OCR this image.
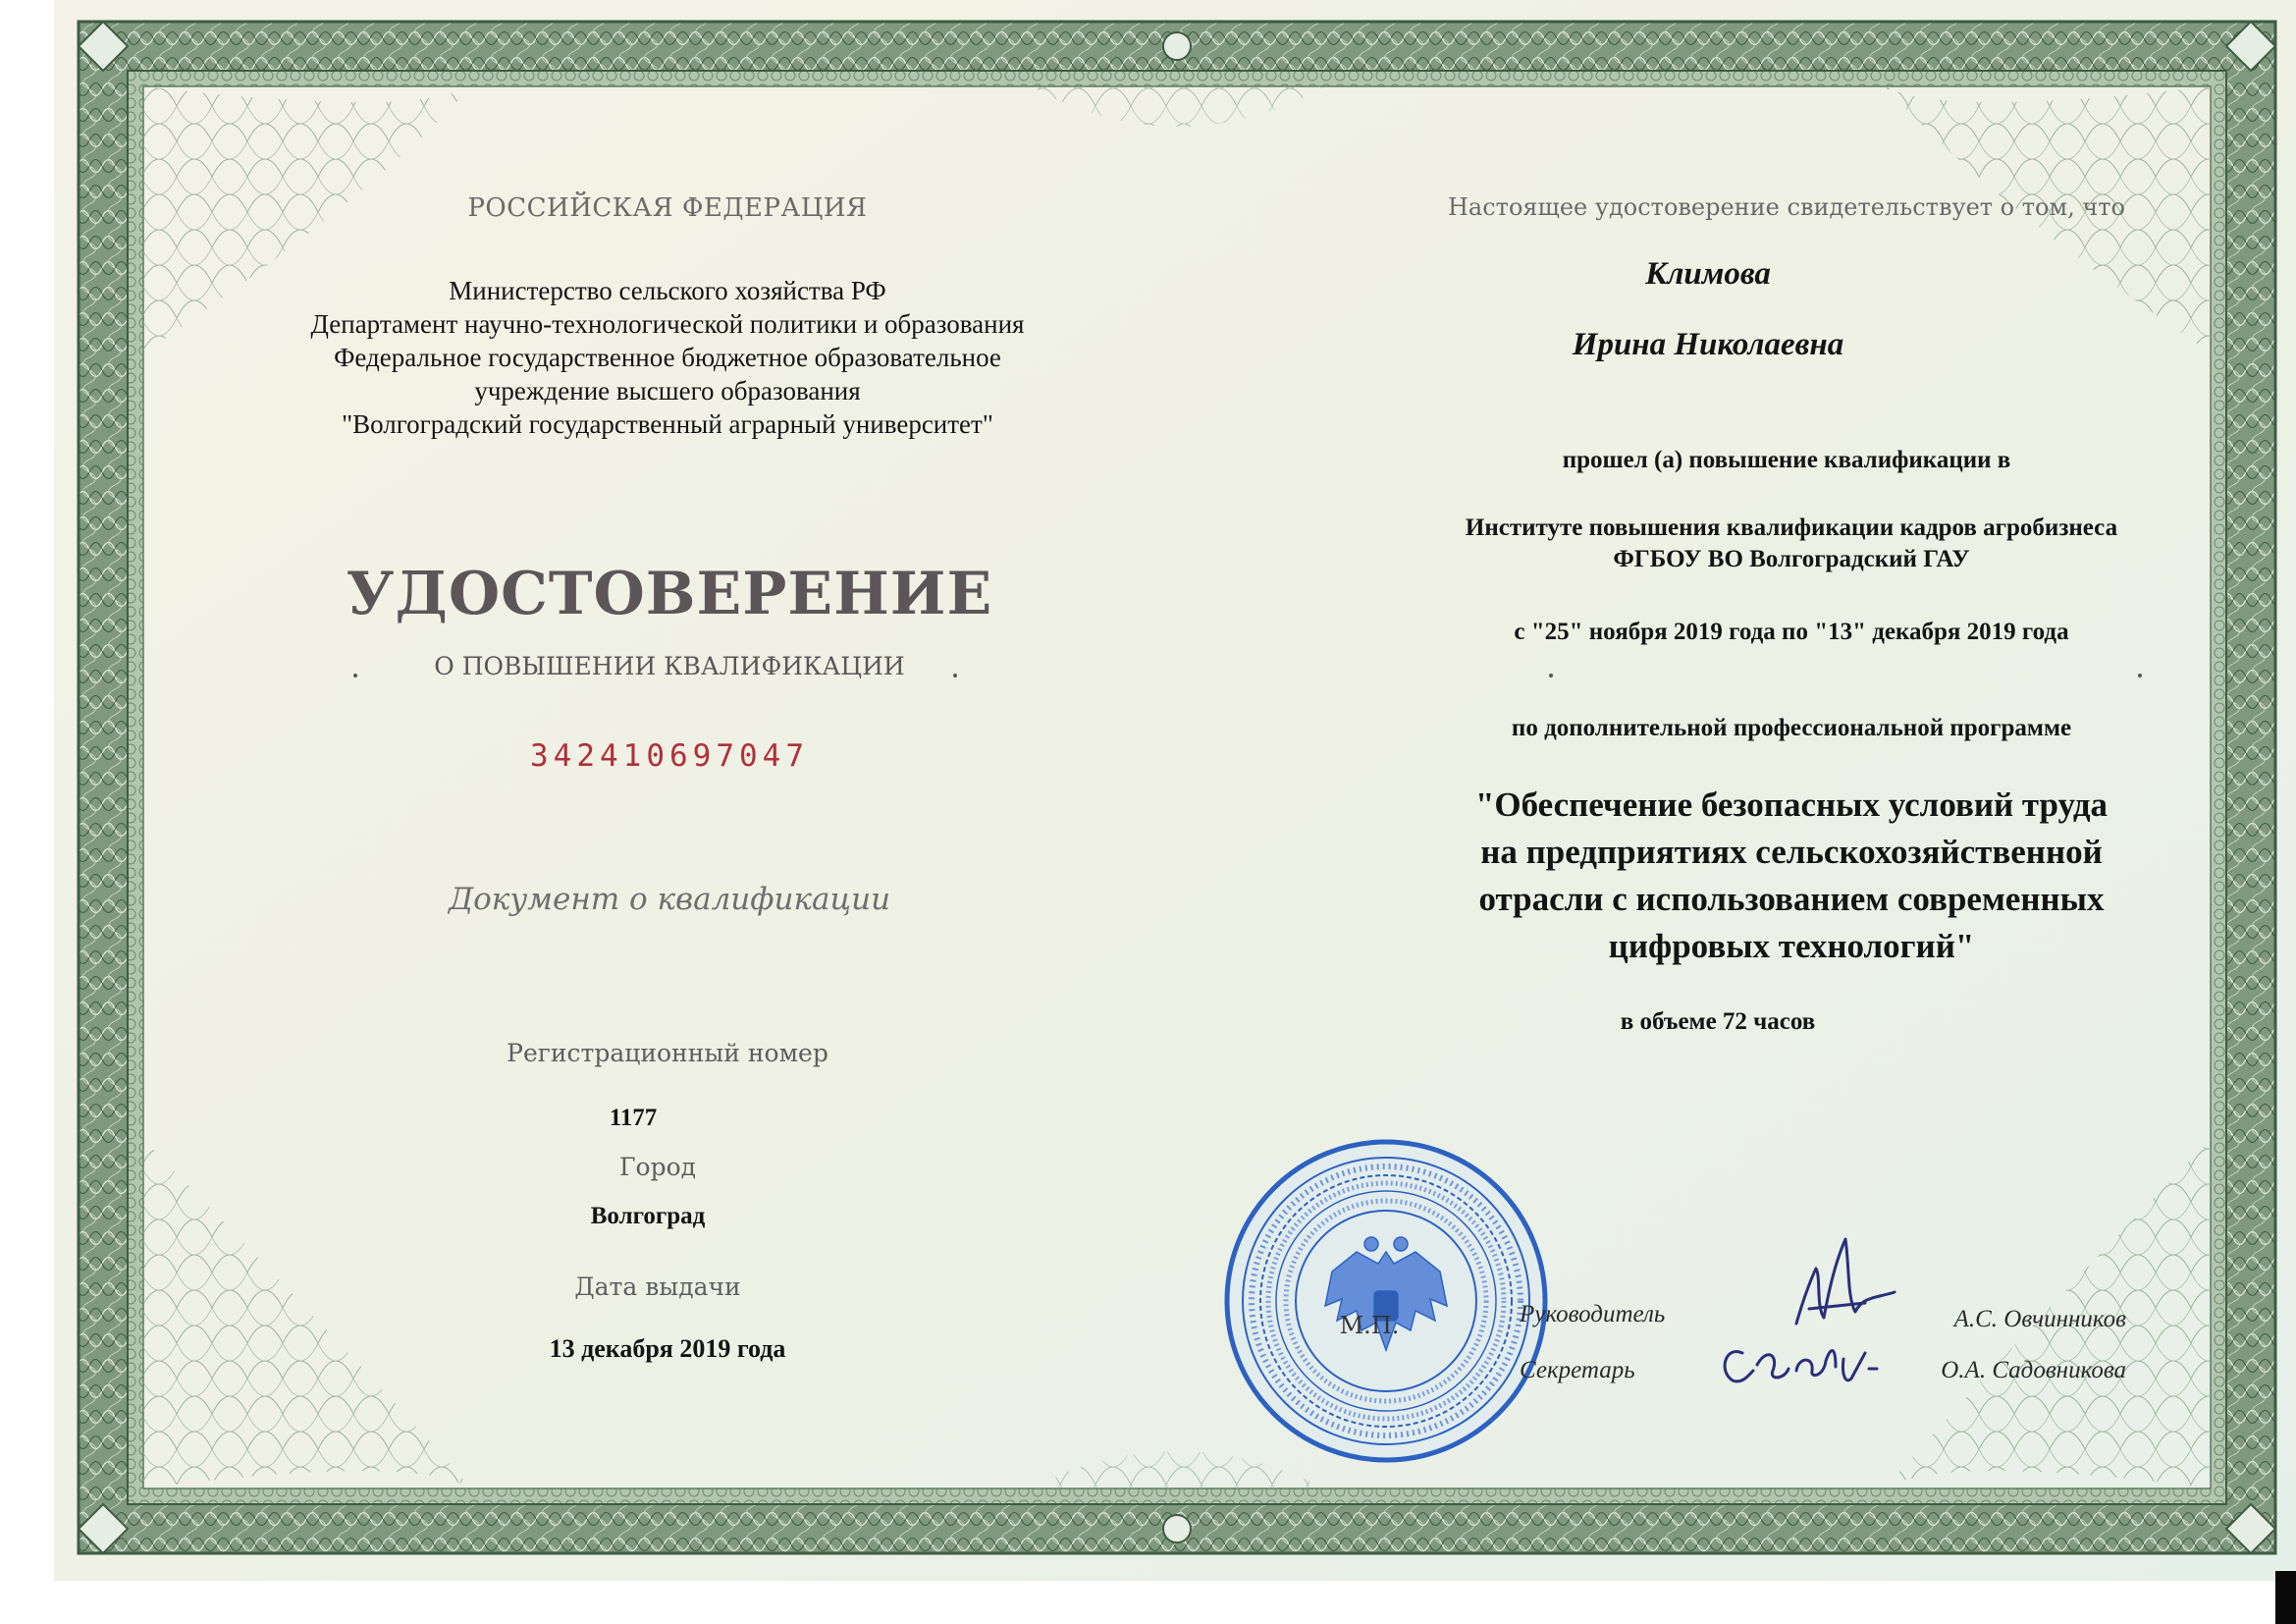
РОССИЙСКАЯ ФЕДЕРАЦИЯ
Министерство сельского хозяйства РФ
Департамент научно-технологической политики и образования
Федеральное государственное бюджетное образовательное
учреждение высшего образования
"Волгоградский государственный аграрный университет"
УДОСТОВЕРЕНИЕ
О ПОВЫШЕНИИ КВАЛИФИКАЦИИ
342410697047
Документ о квалификации
Регистрационный номер
1177
Город
Волгоград
Дата выдачи
13 декабря 2019 года
Настоящее удостоверение свидетельствует о том, что
Климова
Ирина Николаевна
прошел (а) повышение квалификации в
Институте повышения квалификации кадров агробизнеса
ФГБОУ ВО Волгоградский ГАУ
с "25" ноября 2019 года по "13" декабря 2019 года
по дополнительной профессиональной программе
"Обеспечение безопасных условий труда
на предприятиях сельскохозяйственной
отрасли с использованием современных
цифровых технологий"
в объеме 72 часов
М.П.	Руководитель	А.С. Овчинников
Секретарь	О.А. Садовникова
